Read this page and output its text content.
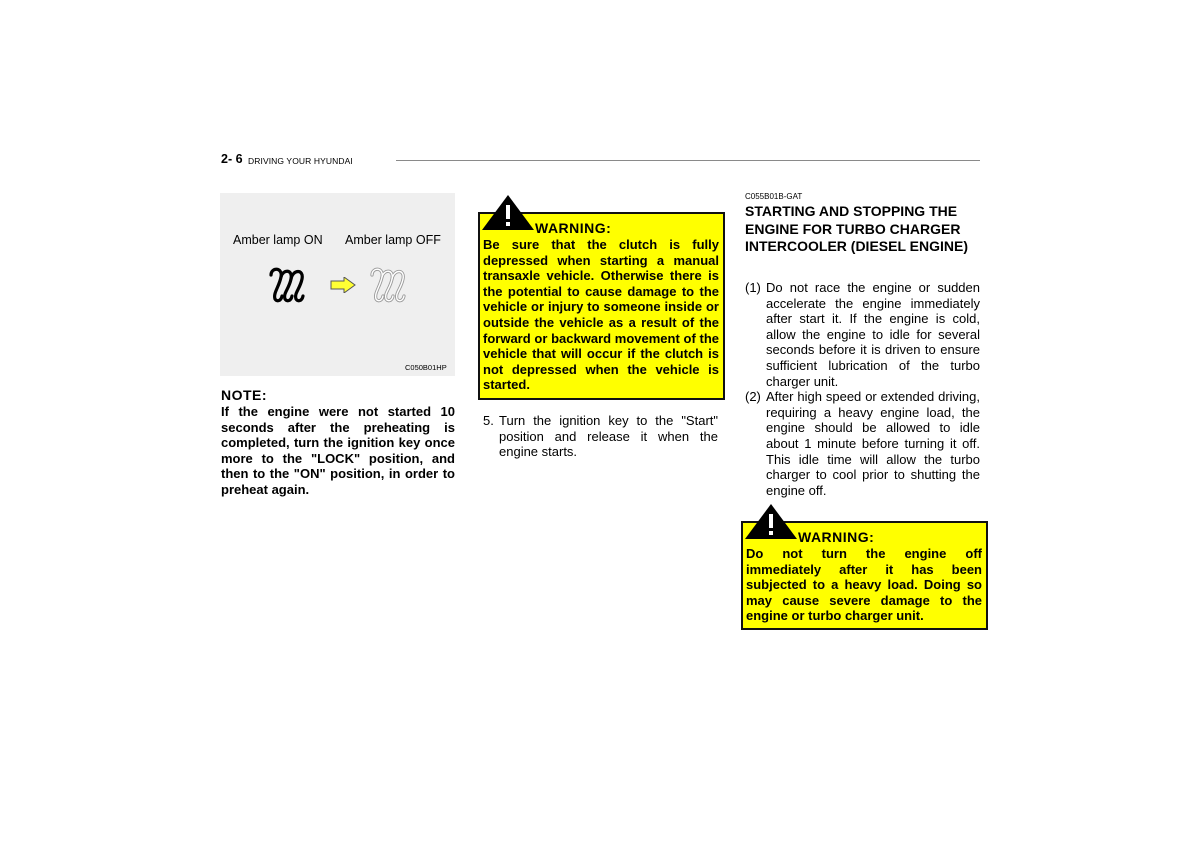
2- 6 DRIVING YOUR HYUNDAI
Amber lamp ON Amber lamp OFF
C050B01HP
NOTE:
If the engine were not started 10 seconds after the preheating is completed, turn the ignition key once more to the "LOCK" position, and then to the "ON" position, in order to preheat again.
WARNING:
Be sure that the clutch is fully depressed when starting a manual transaxle vehicle. Otherwise there is the potential to cause damage to the vehicle or injury to someone inside or outside the vehicle as a result of the forward or backward movement of the vehicle that will occur if the clutch is not depressed when the vehicle is started.
5. Turn the ignition key to the "Start" position and release it when the engine starts.
C055B01B-GAT
STARTING AND STOPPING THE ENGINE FOR TURBO CHARGER INTERCOOLER (DIESEL ENGINE)
(1) Do not race the engine or sudden accelerate the engine immediately after start it. If the engine is cold, allow the engine to idle for several seconds before it is driven to ensure sufficient lubrication of the turbo charger unit.
(2) After high speed or extended driving, requiring a heavy engine load, the engine should be allowed to idle about 1 minute before turning it off. This idle time will allow the turbo charger to cool prior to shutting the engine off.
WARNING:
Do not turn the engine off immediately after it has been subjected to a heavy load. Doing so may cause severe damage to the engine or turbo charger unit.
